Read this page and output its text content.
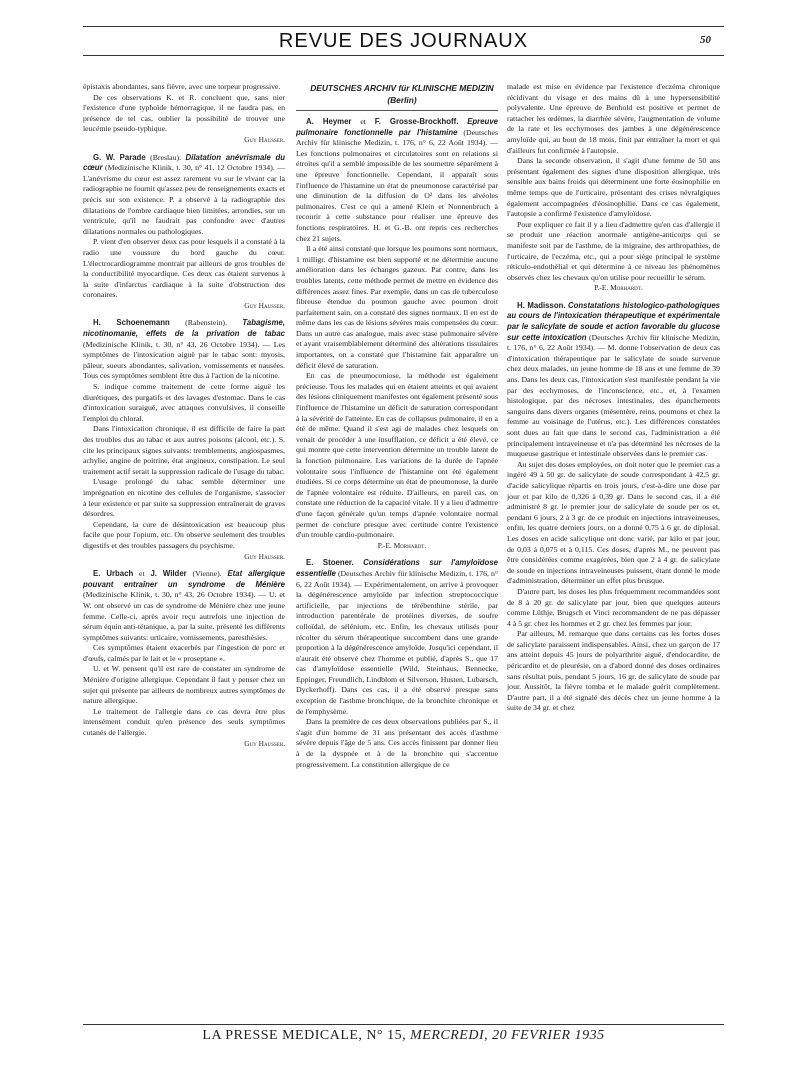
REVUE DES JOURNAUX	50

épistaxis abondantes, sans fièvre, avec une torpeur progressive.

De ces observations K. et R. concluent que, sans nier l'existence d'une typhoïde hémorragique, il ne faudra pas, en présence de tel cas, oublier la possibilité de trouver une leucémie pseudo-typhique.

Guy Hausser.

G. W. Parade (Breslau). Dilatation anévrismale du cœur (Medizinische Klinik, t. 30, n° 41, 12 Octobre 1934). — L'anévrisme du cœur est assez rarement vu sur le vivant car la radiographie ne fournit qu'assez peu de renseignements exacts et précis sur son existence. P. a observé à la radiographie des dilatations de l'ombre cardiaque bien limitées, arrondies, sur un ventricule, qu'il ne faudrait pas confondre avec d'autres dilatations normales ou pathologiques.

P. vient d'en observer deux cas pour lesquels il a constaté à la radio une voussure du bord gauche du cœur. L'électrocardiogramme montrait par ailleurs de gros troubles de la conductibilité myocardique. Ces deux cas étaient survenus à la suite d'infarctus cardiaque à la suite d'obstruction des coronaires.

Guy Hausser.

H. Schoenemann (Rabenstein). Tabagisme, nicotinomanie, effets de la privation de tabac (Medizinische Klinik, t. 30, n° 43, 26 Octobre 1934). — Les symptômes de l'intoxication aiguë par le tabac sont: myosis, pâleur, sueurs abondantes, salivation, vomissements et nausées. Tous ces symptômes semblent être dus à l'action de la nicotine.

S. indique comme traitement de cette forme aiguë les diurétiques, des purgatifs et des lavages d'estomac. Dans le cas d'intoxication suraiguë, avec attaques convulsives, il conseille l'emploi du chloral.

Dans l'intoxication chronique, il est difficile de faire la part des troubles dus au tabac et aux autres poisons (alcool, etc.). S. cite les principaux signes suivants: tremblements, angiospasmes, achylie, angine de poitrine, état angineux, constipation. Le seul traitement actif serait la suppression radicale de l'usage du tabac.

L'usage prolongé du tabac semble déterminer une imprégnation en nicotine des cellules de l'organisme, s'associer à leur existence et par suite sa suppression entraînerait de graves désordres.

Cependant, la cure de désintoxication est beaucoup plus facile que pour l'opium, etc. On observe seulement des troubles digestifs et des troubles passagers du psychisme.

Guy Hausser.

E. Urbach et J. Wilder (Vienne). Etat allergique pouvant entraîner un syndrome de Ménière (Medizinische Klinik, t. 30, n° 43, 26 Octobre 1934). — U. et W. ont observé un cas de syndrome de Ménière chez une jeune femme. Celle-ci, après avoir reçu autrefois une injection de sérum équin anti-tétanique, a, par la suite, présenté les différents symptômes suivants: urticaire, vomissements, paresthésies.

Ces symptômes étaient exacerbés par l'ingestion de porc et d'œufs, calmés par le lait et le « proseptane ».

U. et W. pensent qu'il est rare de constater un syndrome de Ménière d'origine allergique. Cependant il faut y penser chez un sujet qui présente par ailleurs de nombreux autres symptômes de nature allergique.

Le traitement de l'allergie dans ce cas devra être plus intensément conduit qu'en présence des seuls symptômes cutanés de l'allergie.

Guy Hausser.

DEUTSCHES ARCHIV für KLINISCHE MEDIZIN

(Berlin)

A. Heymer et F. Grosse-Brockhoff. Epreuve pulmonaire fonctionnelle par l'histamine (Deutsches Archiv für klinische Medizin, t. 176, n° 6, 22 Août 1934). — Les fonctions pulmonaires et circulatoires sont en relations si étroites qu'il a semblé impossible de les soumettre séparément à une épreuve fonctionnelle. Cependant, il apparaît sous l'influence de l'histamine un état de pneumonose caractérisé par une diminution de la diffusion de O² dans les alvéoles pulmonaires. C'est ce qui a amené Klein et Nonnenbruch à recourir à cette substance pour réaliser une épreuve des fonctions respiratoires. H. et G.-B. ont repris ces recherches chez 21 sujets.

Il a été ainsi constaté que lorsque les poumons sont normaux, 1 milligr. d'histamine est bien supporté et ne détermine aucune amélioration dans les échanges gazeux. Par contre, dans les troubles latents, cette méthode permet de mettre en évidence des différences assez fines. Par exemple, dans un cas de tuberculose fibreuse étendue du poumon gauche avec poumon droit parfaitement sain, on a constaté des signes normaux. Il en est de même dans les cas de lésions sévères mais compensées du cœur. Dans un autre cas analogue, mais avec stase pulmonaire sévère et ayant vraisemblablement déterminé des altérations tissulaires importantes, on a constaté que l'histamine fait apparaître un déficit élevé de saturation.

En cas de pneumoconiose, la méthode est également précieuse. Tous les malades qui en étaient atteints et qui avaient des lésions cliniquement manifestes ont également présenté sous l'influence de l'histamine un déficit de saturation correspondant à la sévérité de l'atteinte. En cas de collapsus pulmonaire, il en a été de même. Quand il s'est agi de malades chez lesquels on venait de procéder à une insufflation, ce déficit a été élevé, ce qui montre que cette intervention détermine un trouble latent de la fonction pulmonaire. Les variations de la durée de l'apnée volontaire sous l'influence de l'histamine ont été également étudiées. Si ce corps détermine un état de pneumonose, la durée de l'apnée volontaire est réduite. D'ailleurs, en pareil cas, on constate une réduction de la capacité vitale. Il y a lieu d'admettre d'une façon générale qu'un temps d'apnée volontaire normal permet de conclure presque avec certitude contre l'existence d'un trouble cardio-pulmonaire.

P.-E. Morhardt.

E. Stoener. Considérations sur l'amyloïdose essentielle (Deutsches Archiv für klinische Medizin, t. 176, n° 6, 22 Août 1934). — Expérimentalement, on arrive à provoquer la dégénérescence amyloïde par infection streptococcique artificielle, par injections de térébenthine stérile, par introduction parentérale de protéines diverses, de soufre colloïdal, de sélénium, etc. Enfin, les chevaux utilisés pour récolter du sérum thérapeutique succombent dans une grande proportion à la dégénérescence amyloïde. Jusqu'ici cependant, il n'aurait été observé chez l'homme et publié, d'après S., que 17 cas d'amyloïdose essentielle (Wild, Steinhaus, Bennecke, Eppinger, Freundlich, Lindblom et Silverson, Husten, Lubarsch, Dyckerhoff). Dans ces cas, il a été observé presque sans exception de l'asthme bronchique, de la bronchite chronique et de l'emphysème.

Dans la première de ces deux observations publiées par S., il s'agit d'un homme de 31 ans présentant des accès d'asthme sévère depuis l'âge de 5 ans. Ces accès finissent par donner lieu à de la dyspnée et à de la bronchite qui s'accentue progressivement. La constitution allergique de ce

malade est mise en évidence par l'existence d'eczéma chronique récidivant du visage et des mains dû à une hypersensibilité polyvalente. Une épreuve de Benhold est positive et permet de rattacher les œdèmes, la diarrhée sévère, l'augmentation de volume de la rate et les ecchymoses des jambes à une dégénérescence amyloïde qui, au bout de 18 mois, finit par entraîner la mort et qui d'ailleurs fut confirmée à l'autopsie.

Dans la seconde observation, il s'agit d'une femme de 50 ans présentant également des signes d'une disposition allergique, très sensible aux bains froids qui déterminent une forte éosinophilie en même temps que de l'urticaire, présentant des crises névralgiques également accompagnées d'éosinophilie. Dans ce cas également, l'autopsie a confirmé l'existence d'amyloïdose.

Pour expliquer ce fait il y a lieu d'admettre qu'en cas d'allergie il se produit une réaction anormale antigène-anticorps qui se manifeste soit par de l'asthme, de la migraine, des arthropathies, de l'urticaire, de l'eczéma, etc., qui a pour siège principal le système réticulo-endothélial et qui détermine à ce niveau les phénomènes observés chez les chevaux qu'on utilise pour recueillir le sérum.

P.-E. Morhardt.

H. Madisson. Constatations histologico-pathologiques au cours de l'intoxication thérapeutique et expérimentale par le salicylate de soude et action favorable du glucose sur cette intoxication (Deutsches Archiv für klinische Medizin, t. 176, n° 6, 22 Août 1934). — M. donne l'observation de deux cas d'intoxication thérapeutique par le salicylate de soude survenue chez deux malades, un jeune homme de 18 ans et une femme de 39 ans. Dans les deux cas, l'intoxication s'est manifestée pendant la vie par des ecchymoses, de l'inconscience, etc., et, à l'examen histologique, par des nécroses intestinales, des épanchements sanguins dans divers organes (mésentère, reins, poumons et chez la femme au voisinage de l'utérus, etc.). Les différences constatées sont dues au fait que dans le second cas, l'administration a été principalement intraveineuse et n'a pas déterminé les nécroses de la muqueuse gastrique et intestinale observées dans le premier cas.

Au sujet des doses employées, on doit noter que le premier cas a ingéré 49 à 50 gr. de salicylate de soude correspondant à 42,5 gr. d'acide salicylique répartis en trois jours, c'est-à-dire une dose par jour et par kilo de 0,326 à 0,39 gr. Dans le second cas, il a été administré 8 gr. le premier jour de salicylate de soude per os et, pendant 6 jours, 2 à 3 gr. de ce produit en injections intraveineuses, enfin, les quatre derniers jours, on a donné 0,75 à 6 gr. de diplosal. Les doses en acide salicylique ont donc varié, par kilo et par jour, de 0,03 à 0,075 et à 0,115. Ces doses, d'après M., ne peuvent pas être considérées comme exagérées, bien que 2 à 4 gr. de salicylate de soude en injections intraveineuses puissent, étant donné le mode d'administration, déterminer un effet plus brusque.

D'autre part, les doses les plus fréquemment recommandées sont de 8 à 20 gr. de salicylate par jour, bien que quelques auteurs comme Lüthje, Brugsch et Vinci recommandent de ne pas dépasser 4 à 5 gr. chez les hommes et 2 gr. chez les femmes par jour.

Par ailleurs, M. remarque que dans certains cas les fortes doses de salicylate paraissent indispensables. Ainsi, chez un garçon de 17 ans atteint depuis 45 jours de polyarthrite aiguë, d'endocardite, de péricardite et de pleurésie, on a d'abord donné des doses ordinaires sans résultat puis, pendant 5 jours, 16 gr. de salicylate de soude par jour. Aussitôt, la fièvre tomba et le malade guérit complètement. D'autre part, il a été signalé des décès chez un jeune homme à la suite de 34 gr. et chez

LA PRESSE MEDICALE, N° 15, MERCREDI, 20 FEVRIER 1935
